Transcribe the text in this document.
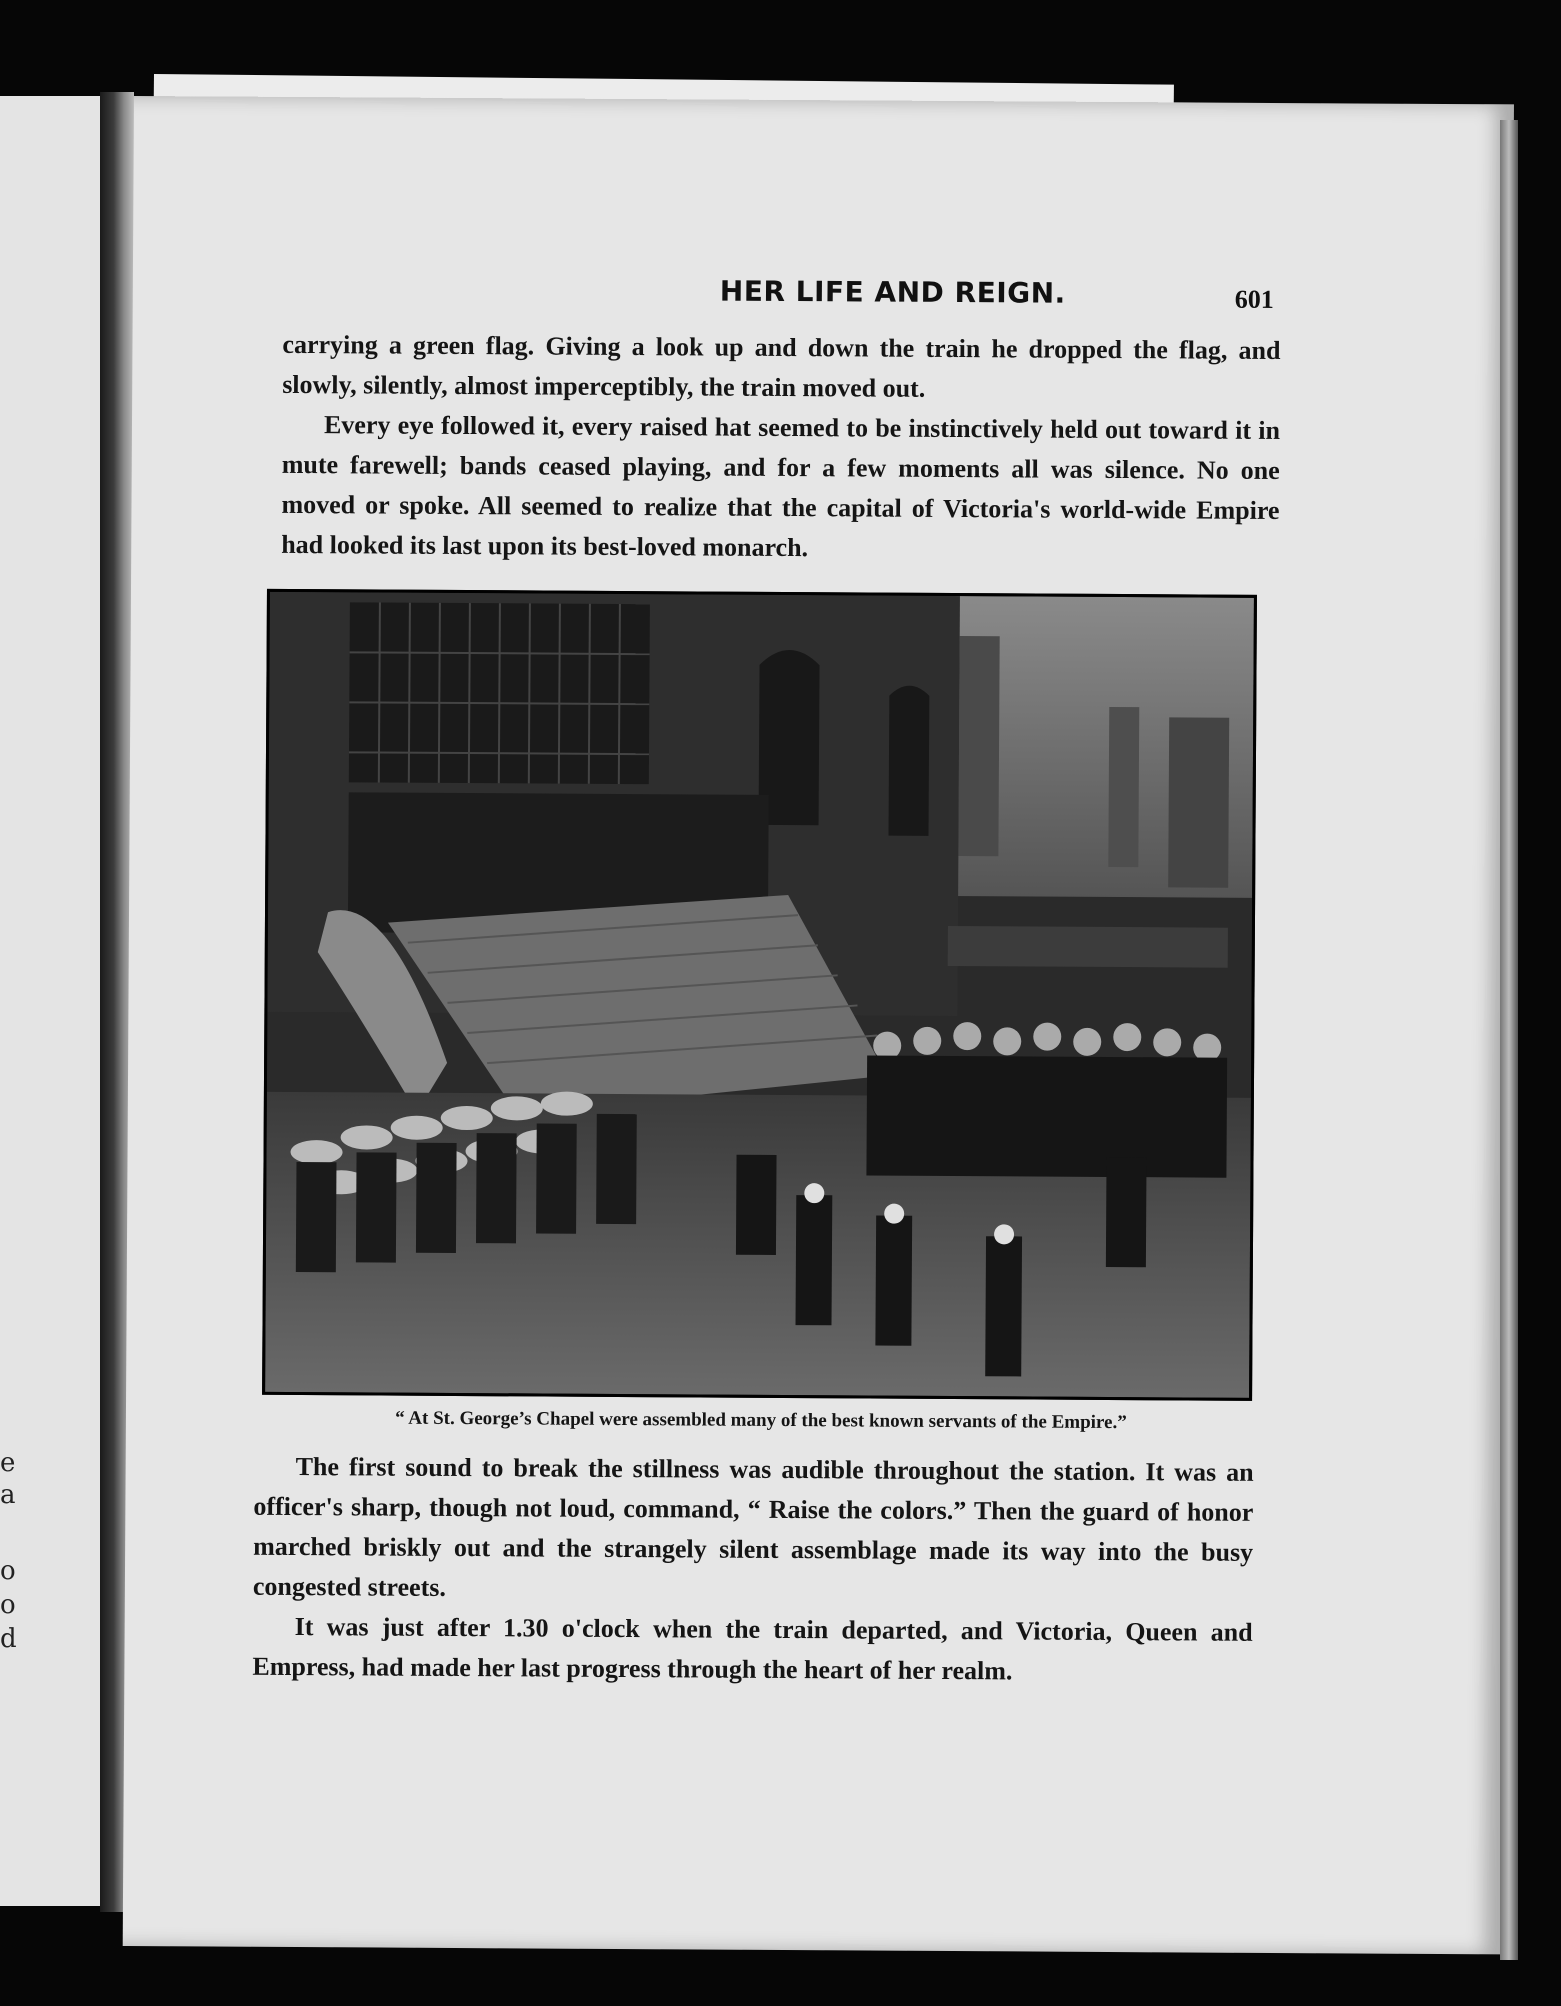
e
a
o
o
d
HER LIFE AND REIGN.	601

carrying a green flag. Giving a look up and down the train he dropped the flag, and slowly, silently, almost imperceptibly, the train moved out.

Every eye followed it, every raised hat seemed to be instinctively held out toward it in mute farewell; bands ceased playing, and for a few moments all was silence. No one moved or spoke. All seemed to realize that the capital of Victoria's world-wide Empire had looked its last upon its best-loved monarch.

“ At St. George’s Chapel were assembled many of the best known servants of the Empire.”

The first sound to break the stillness was audible throughout the station. It was an officer's sharp, though not loud, command, “ Raise the colors.” Then the guard of honor marched briskly out and the strangely silent assemblage made its way into the busy congested streets.

It was just after 1.30 o'clock when the train departed, and Victoria, Queen and Empress, had made her last progress through the heart of her realm.
